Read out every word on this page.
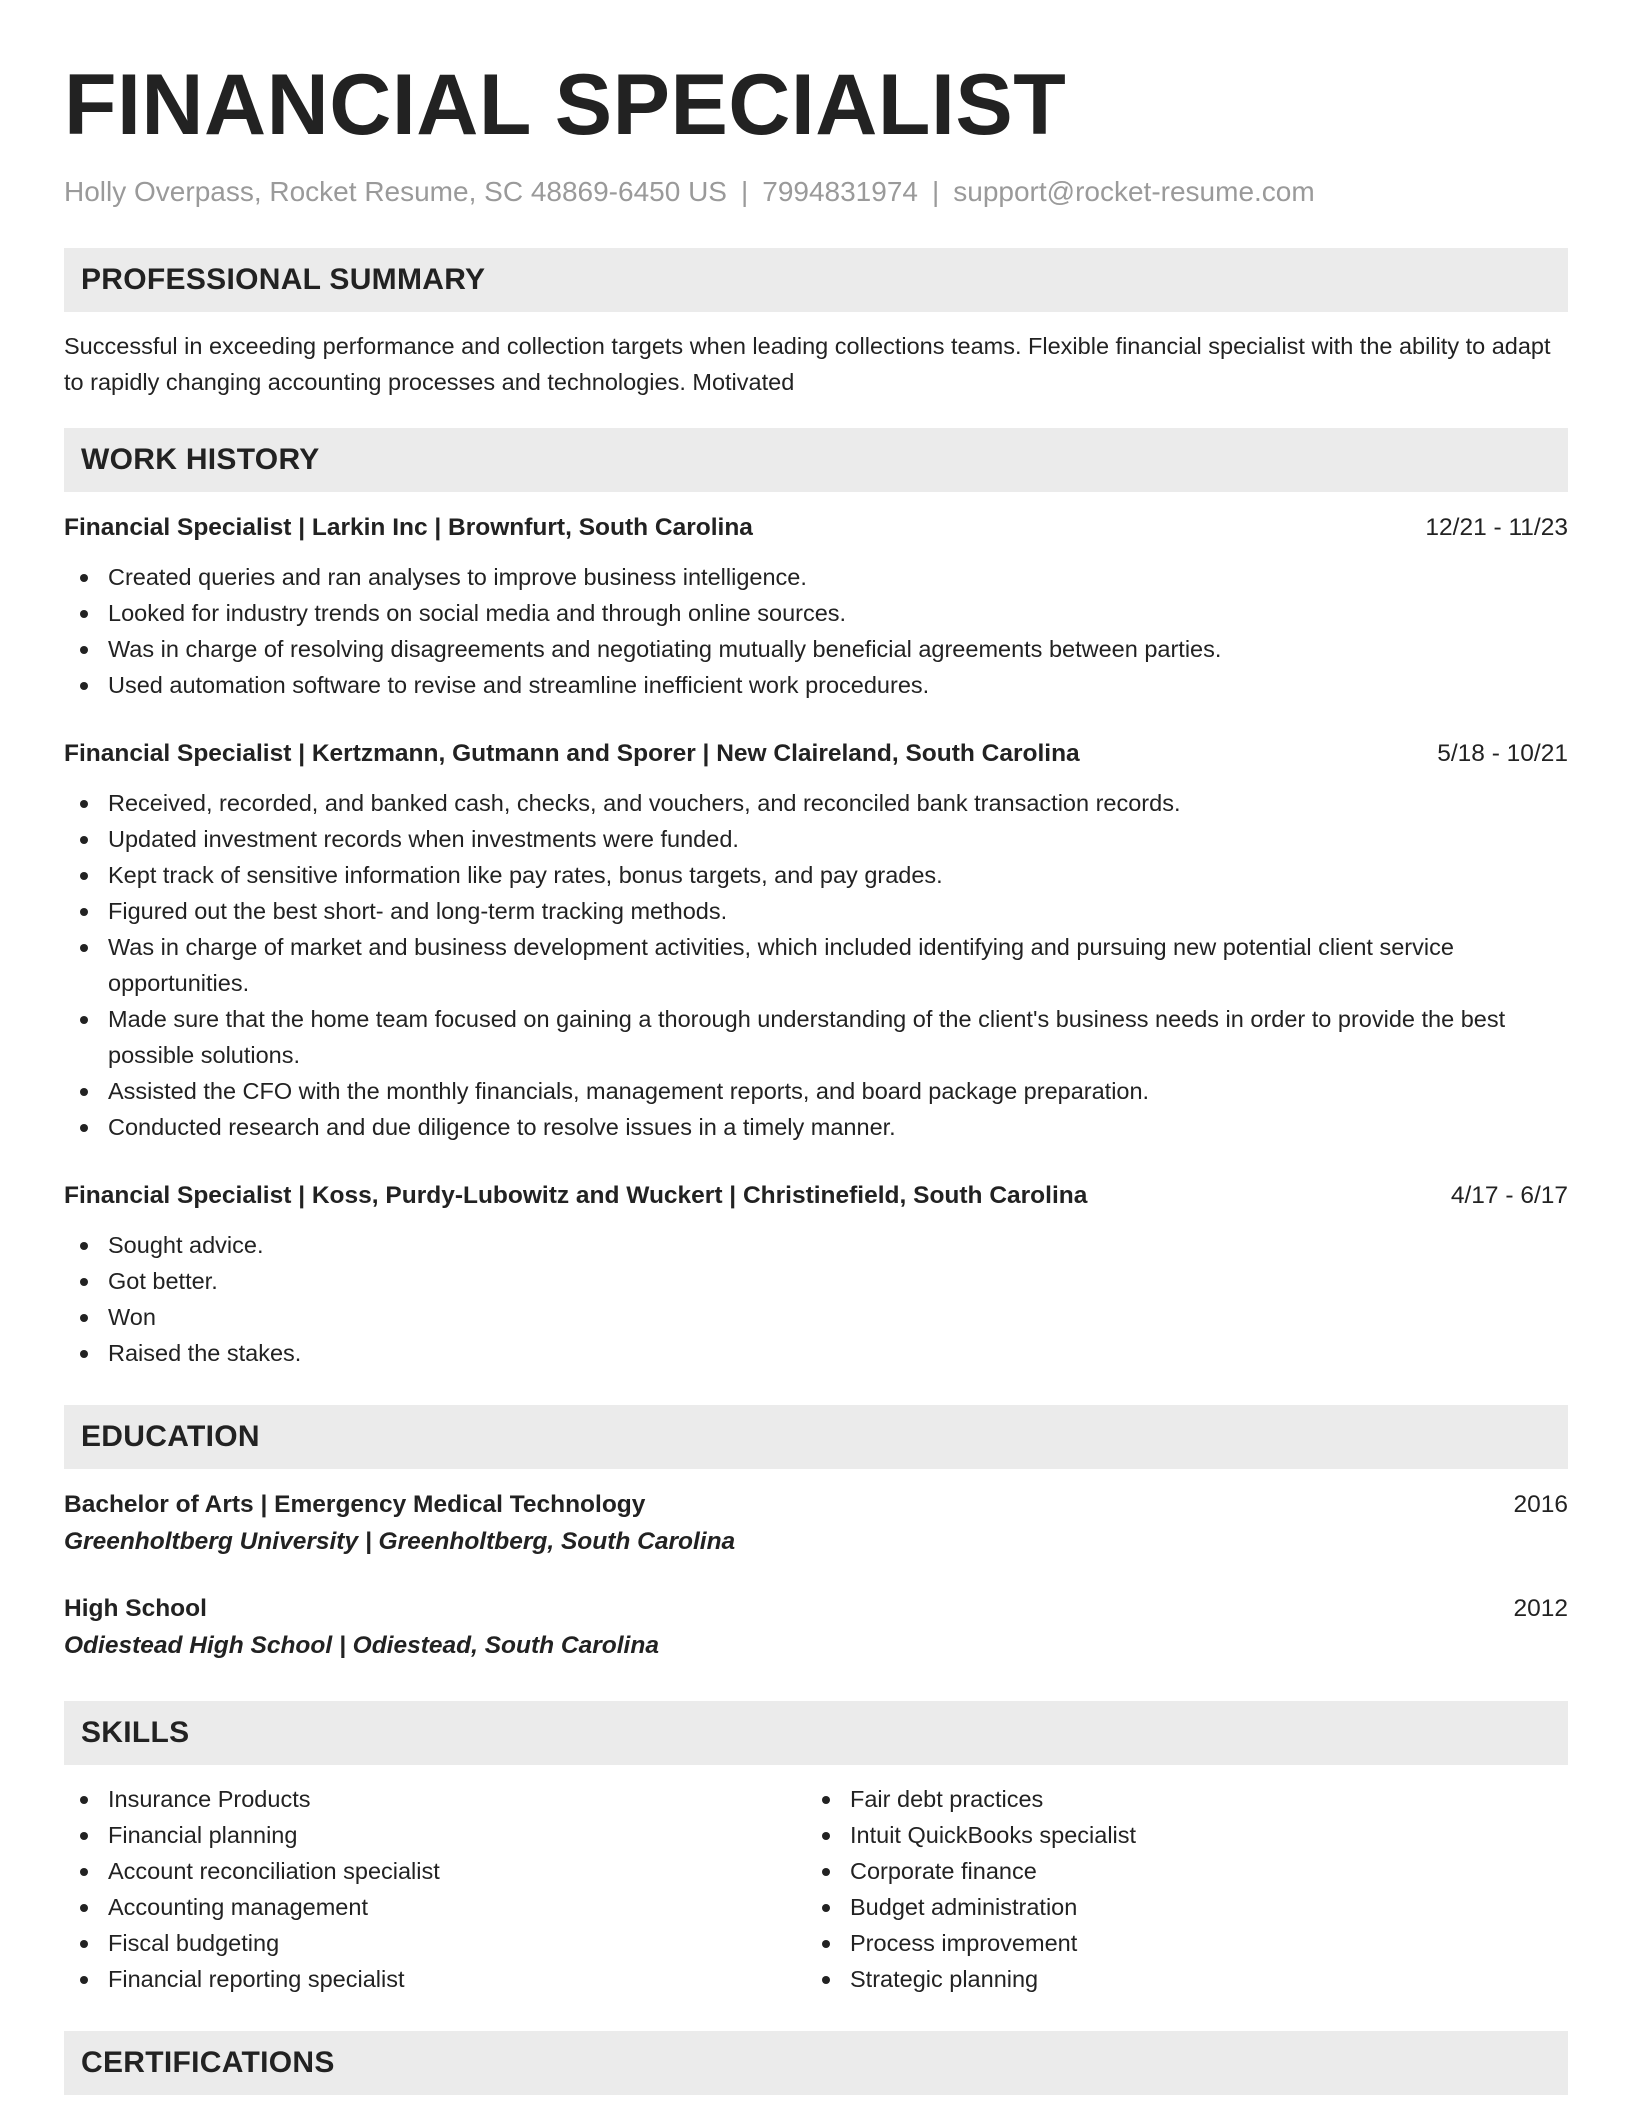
FINANCIAL SPECIALIST
Holly Overpass, Rocket Resume, SC 48869-6450 US | 7994831974 | support@rocket-resume.com
PROFESSIONAL SUMMARY
Successful in exceeding performance and collection targets when leading collections teams. Flexible financial specialist with the ability to adapt to rapidly changing accounting processes and technologies. Motivated
WORK HISTORY
Financial Specialist | Larkin Inc | Brownfurt, South Carolina	12/21 - 11/23
Created queries and ran analyses to improve business intelligence.
Looked for industry trends on social media and through online sources.
Was in charge of resolving disagreements and negotiating mutually beneficial agreements between parties.
Used automation software to revise and streamline inefficient work procedures.
Financial Specialist | Kertzmann, Gutmann and Sporer | New Claireland, South Carolina	5/18 - 10/21
Received, recorded, and banked cash, checks, and vouchers, and reconciled bank transaction records.
Updated investment records when investments were funded.
Kept track of sensitive information like pay rates, bonus targets, and pay grades.
Figured out the best short- and long-term tracking methods.
Was in charge of market and business development activities, which included identifying and pursuing new potential client service opportunities.
Made sure that the home team focused on gaining a thorough understanding of the client's business needs in order to provide the best possible solutions.
Assisted the CFO with the monthly financials, management reports, and board package preparation.
Conducted research and due diligence to resolve issues in a timely manner.
Financial Specialist | Koss, Purdy-Lubowitz and Wuckert | Christinefield, South Carolina	4/17 - 6/17
Sought advice.
Got better.
Won
Raised the stakes.
EDUCATION
Bachelor of Arts | Emergency Medical Technology	2016
Greenholtberg University | Greenholtberg, South Carolina
High School	2012
Odiestead High School | Odiestead, South Carolina
SKILLS
Insurance Products
Financial planning
Account reconciliation specialist
Accounting management
Fiscal budgeting
Financial reporting specialist
Fair debt practices
Intuit QuickBooks specialist
Corporate finance
Budget administration
Process improvement
Strategic planning
CERTIFICATIONS
